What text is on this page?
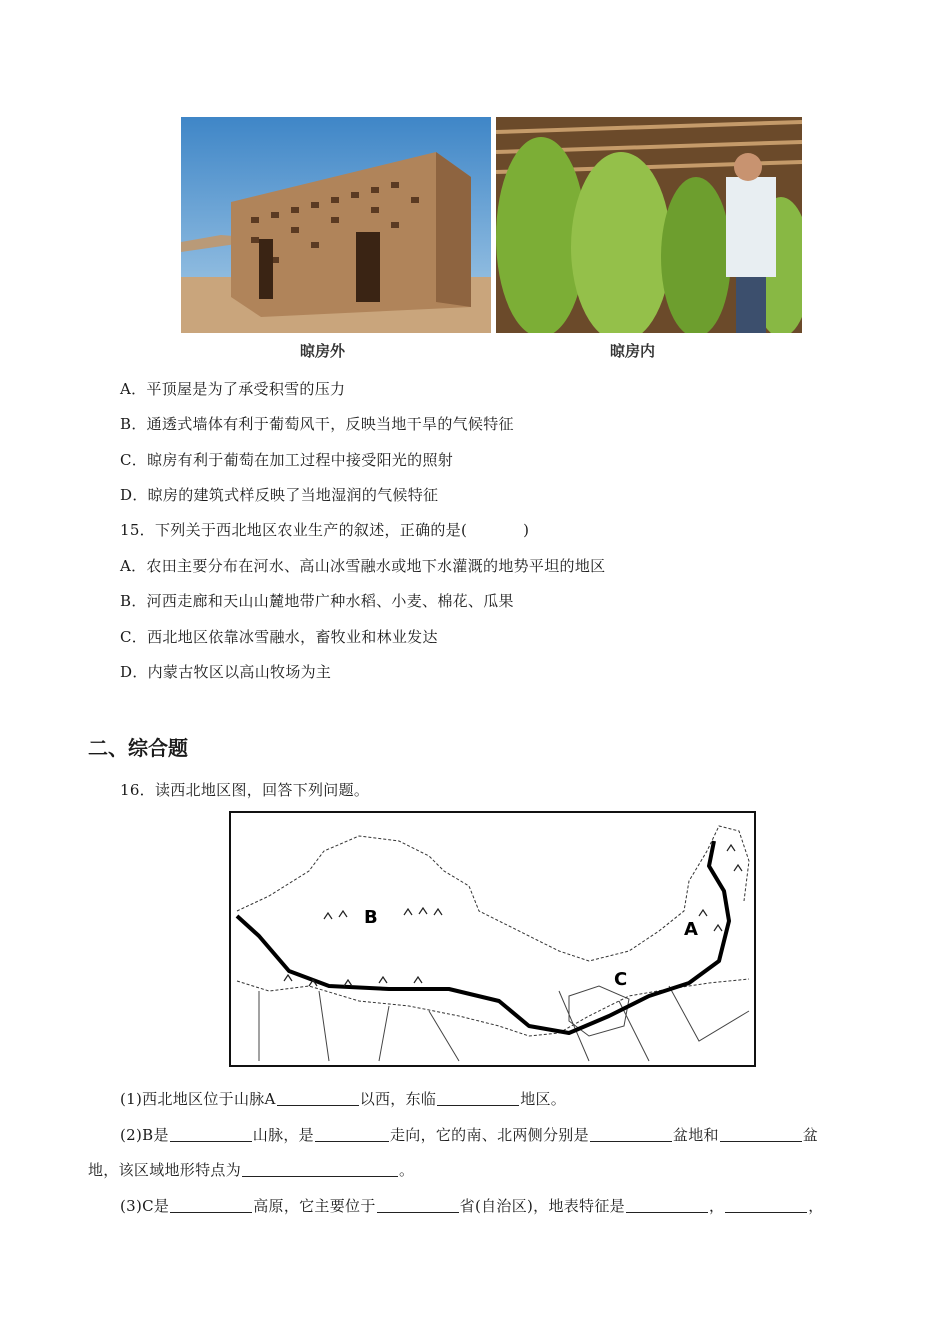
晾房外	晾房内
A．平顶屋是为了承受积雪的压力
B．通透式墙体有利于葡萄风干，反映当地干旱的气候特征
C．晾房有利于葡萄在加工过程中接受阳光的照射
D．晾房的建筑式样反映了当地湿润的气候特征
15．下列关于西北地区农业生产的叙述，正确的是(	)
A．农田主要分布在河水、高山冰雪融水或地下水灌溉的地势平坦的地区
B．河西走廊和天山山麓地带广种水稻、小麦、棉花、瓜果
C．西北地区依靠冰雪融水，畜牧业和林业发达
D．内蒙古牧区以高山牧场为主
二、综合题
16．读西北地区图，回答下列问题。
B
A
C
(1)西北地区位于山脉A	以西，东临	地区。
(2)B是	山脉，是	走向，它的南、北两侧分别是	盆地和	盆
地，该区域地形特点为	。
(3)C是	高原，它主要位于	省(自治区)，地表特征是	，	，
